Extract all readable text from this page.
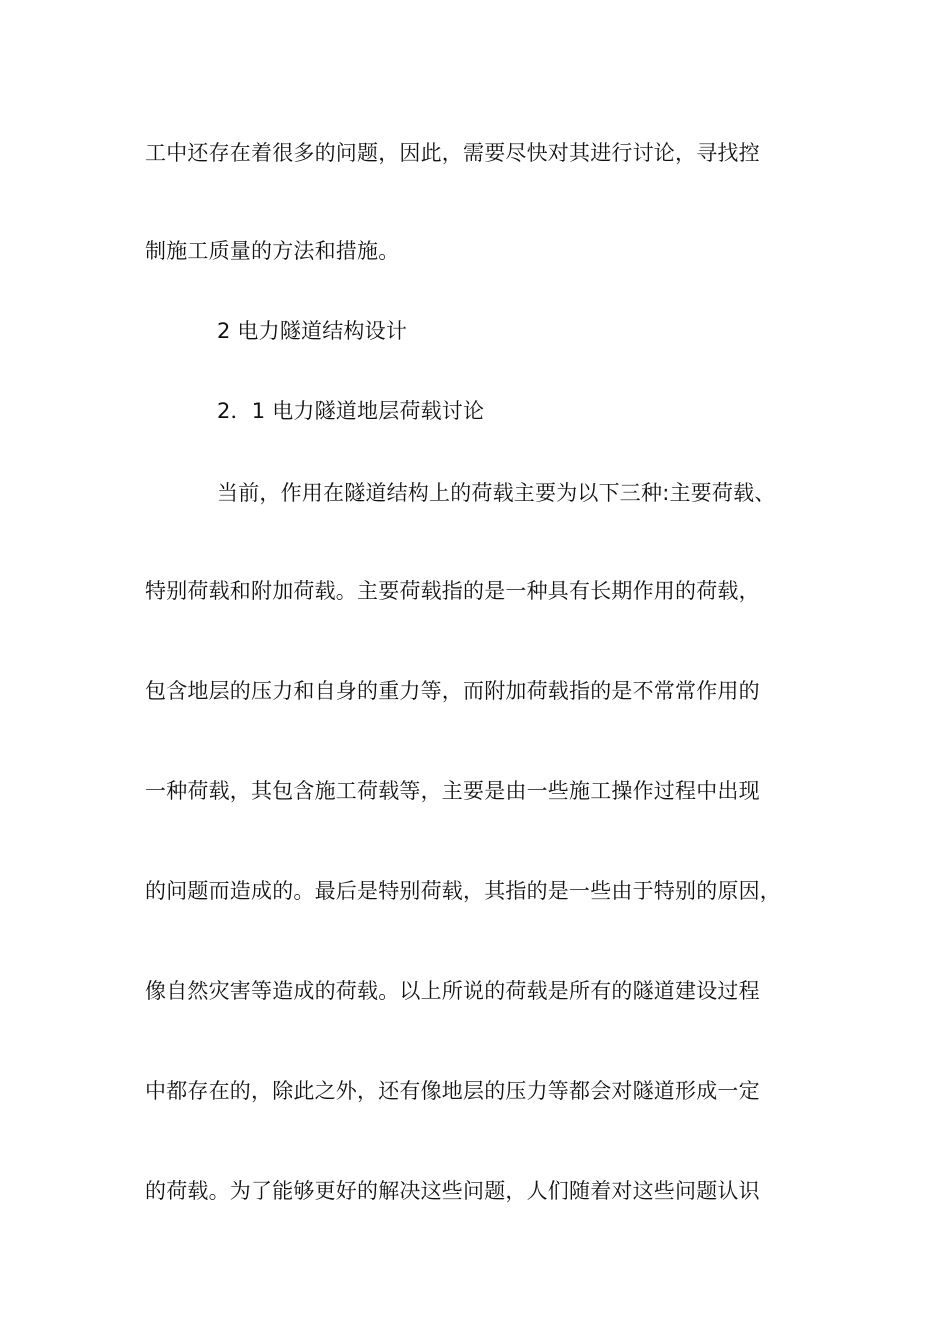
工中还存在着很多的问题，因此，需要尽快对其进行讨论，寻找控
制施工质量的方法和措施。
2 电力隧道结构设计
2．1 电力隧道地层荷载讨论
当前，作用在隧道结构上的荷载主要为以下三种:主要荷载、
特别荷载和附加荷载。主要荷载指的是一种具有长期作用的荷载，
包含地层的压力和自身的重力等，而附加荷载指的是不常常作用的
一种荷载，其包含施工荷载等，主要是由一些施工操作过程中出现
的问题而造成的。最后是特别荷载，其指的是一些由于特别的原因，
像自然灾害等造成的荷载。以上所说的荷载是所有的隧道建设过程
中都存在的，除此之外，还有像地层的压力等都会对隧道形成一定
的荷载。为了能够更好的解决这些问题，人们随着对这些问题认识
